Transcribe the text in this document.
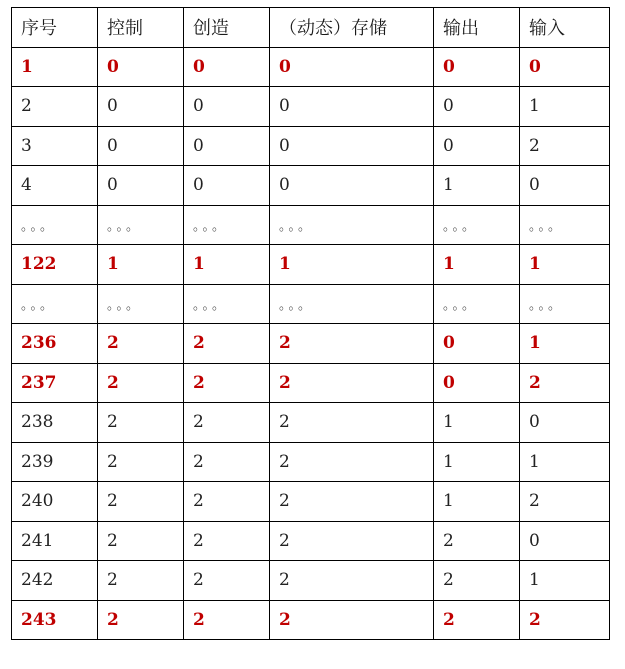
序号	控制	创造	（动态）存储	输出	输入
1	0	0	0	0	0
2	0	0	0	0	1
3	0	0	0	0	2
4	0	0	0	1	0
。。。	。。。	。。。	。。。	。。。	。。。
122	1	1	1	1	1
。。。	。。。	。。。	。。。	。。。	。。。
236	2	2	2	0	1
237	2	2	2	0	2
238	2	2	2	1	0
239	2	2	2	1	1
240	2	2	2	1	2
241	2	2	2	2	0
242	2	2	2	2	1
243	2	2	2	2	2
